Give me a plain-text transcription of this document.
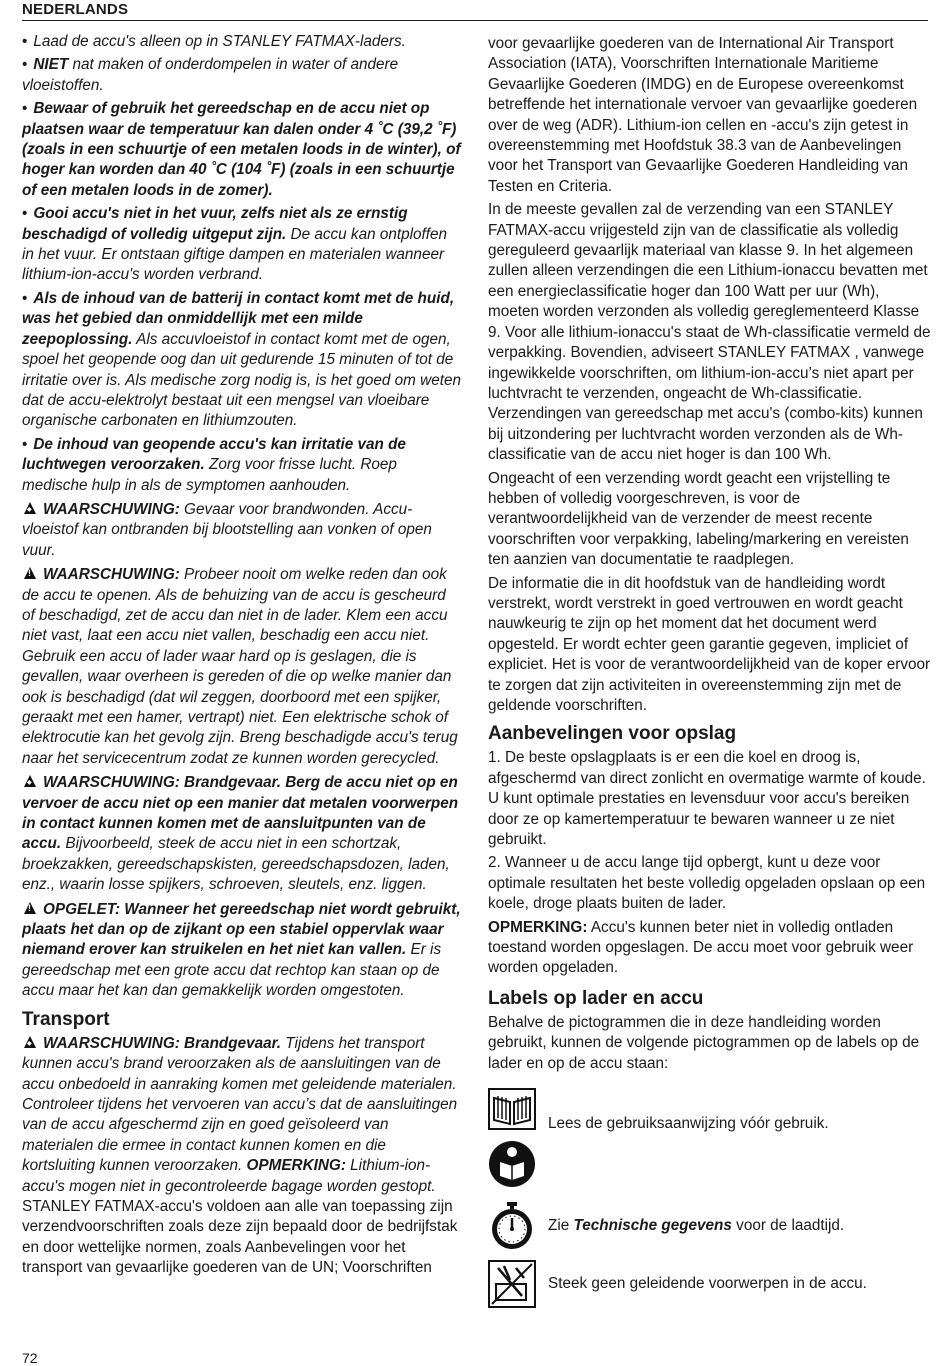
NEDERLANDS

• Laad de accu's alleen op in STANLEY FATMAX-laders.

• NIET nat maken of onderdompelen in water of andere vloeistoffen.

• Bewaar of gebruik het gereedschap en de accu niet op plaatsen waar de temperatuur kan dalen onder 4 ˚C (39,2 ˚F) (zoals in een schuurtje of een metalen loods in de winter), of hoger kan worden dan 40 ˚C (104 ˚F) (zoals in een schuurtje of een metalen loods in de zomer).

• Gooi accu's niet in het vuur, zelfs niet als ze ernstig beschadigd of volledig uitgeput zijn. De accu kan ontploffen in het vuur. Er ontstaan giftige dampen en materialen wanneer lithium-ion-accu's worden verbrand.

• Als de inhoud van de batterij in contact komt met de huid, was het gebied dan onmiddellijk met een milde zeepoplossing. Als accuvloeistof in contact komt met de ogen, spoel het geopende oog dan uit gedurende 15 minuten of tot de irritatie over is. Als medische zorg nodig is, is het goed om weten dat de accu-elektrolyt bestaat uit een mengsel van vloeibare organische carbonaten en lithiumzouten.

• De inhoud van geopende accu's kan irritatie van de luchtwegen veroorzaken. Zorg voor frisse lucht. Roep medische hulp in als de symptomen aanhouden.

◆WAARSCHUWING: Gevaar voor brandwonden. Accu-vloeistof kan ontbranden bij blootstelling aan vonken of open vuur.

!WAARSCHUWING: Probeer nooit om welke reden dan ook de accu te openen. Als de behuizing van de accu is gescheurd of beschadigd, zet de accu dan niet in de lader. Klem een accu niet vast, laat een accu niet vallen, beschadig een accu niet. Gebruik een accu of lader waar hard op is geslagen, die is gevallen, waar overheen is gereden of die op welke manier dan ook is beschadigd (dat wil zeggen, doorboord met een spijker, geraakt met een hamer, vertrapt) niet. Een elektrische schok of elektrocutie kan het gevolg zijn. Breng beschadigde accu's terug naar het servicecentrum zodat ze kunnen worden gerecycled.

◆WAARSCHUWING: Brandgevaar. Berg de accu niet op en vervoer de accu niet op een manier dat metalen voorwerpen in contact kunnen komen met de aansluitpunten van de accu. Bijvoorbeeld, steek de accu niet in een schortzak, broekzakken, gereedschapskisten, gereedschapsdozen, laden, enz., waarin losse spijkers, schroeven, sleutels, enz. liggen.

!OPGELET: Wanneer het gereedschap niet wordt gebruikt, plaats het dan op de zijkant op een stabiel oppervlak waar niemand erover kan struikelen en het niet kan vallen. Er is gereedschap met een grote accu dat rechtop kan staan op de accu maar het kan dan gemakkelijk worden omgestoten.

Transport

◆WAARSCHUWING: Brandgevaar. Tijdens het transport kunnen accu's brand veroorzaken als de aansluitingen van de accu onbedoeld in aanraking komen met geleidende materialen. Controleer tijdens het vervoeren van accu’s dat de aansluitingen van de accu afgeschermd zijn en goed geïsoleerd van materialen die ermee in contact kunnen komen en die kortsluiting kunnen veroorzaken. OPMERKING: Lithium-ion-accu's mogen niet in gecontroleerde bagage worden gestopt.

STANLEY FATMAX-accu's voldoen aan alle van toepassing zijn verzendvoorschriften zoals deze zijn bepaald door de bedrijfstak en door wettelijke normen, zoals Aanbevelingen voor het transport van gevaarlijke goederen van de UN; Voorschriften

voor gevaarlijke goederen van de International Air Transport Association (IATA), Voorschriften Internationale Maritieme Gevaarlijke Goederen (IMDG) en de Europese overeenkomst betreffende het internationale vervoer van gevaarlijke goederen over de weg (ADR). Lithium-ion cellen en -accu's zijn getest in overeenstemming met Hoofdstuk 38.3 van de Aanbevelingen voor het Transport van Gevaarlijke Goederen Handleiding van Testen en Criteria.

In de meeste gevallen zal de verzending van een STANLEY FATMAX-accu vrijgesteld zijn van de classificatie als volledig gereguleerd gevaarlijk materiaal van klasse 9. In het algemeen zullen alleen verzendingen die een Lithium-ionaccu bevatten met een energieclassificatie hoger dan 100 Watt per uur (Wh), moeten worden verzonden als volledig gereglementeerd Klasse 9. Voor alle lithium-ionaccu's staat de Wh-classificatie vermeld de verpakking. Bovendien, adviseert STANLEY FATMAX , vanwege ingewikkelde voorschriften, om lithium-ion-accu’s niet apart per luchtvracht te verzenden, ongeacht de Wh-classificatie. Verzendingen van gereedschap met accu's (combo-kits) kunnen bij uitzondering per luchtvracht worden verzonden als de Wh-classificatie van de accu niet hoger is dan 100 Wh.

Ongeacht of een verzending wordt geacht een vrijstelling te hebben of volledig voorgeschreven, is voor de verantwoordelijkheid van de verzender de meest recente voorschriften voor verpakking, labeling/markering en vereisten ten aanzien van documentatie te raadplegen.

De informatie die in dit hoofdstuk van de handleiding wordt verstrekt, wordt verstrekt in goed vertrouwen en wordt geacht nauwkeurig te zijn op het moment dat het document werd opgesteld. Er wordt echter geen garantie gegeven, impliciet of expliciet. Het is voor de verantwoordelijkheid van de koper ervoor te zorgen dat zijn activiteiten in overeenstemming zijn met de geldende voorschriften.

Aanbevelingen voor opslag

1. De beste opslagplaats is er een die koel en droog is, afgeschermd van direct zonlicht en overmatige warmte of koude. U kunt optimale prestaties en levensduur voor accu's bereiken door ze op kamertemperatuur te bewaren wanneer u ze niet gebruikt.

2. Wanneer u de accu lange tijd opbergt, kunt u deze voor optimale resultaten het beste volledig opgeladen opslaan op een koele, droge plaats buiten de lader.

OPMERKING: Accu's kunnen beter niet in volledig ontladen toestand worden opgeslagen. De accu moet voor gebruik weer worden opgeladen.

Labels op lader en accu

Behalve de pictogrammen die in deze handleiding worden gebruikt, kunnen de volgende pictogrammen op de labels op de lader en op de accu staan:

Lees de gebruiksaanwijzing vóór gebruik.
Zie Technische gegevens voor de laadtijd.
Steek geen geleidende voorwerpen in de accu.
72
